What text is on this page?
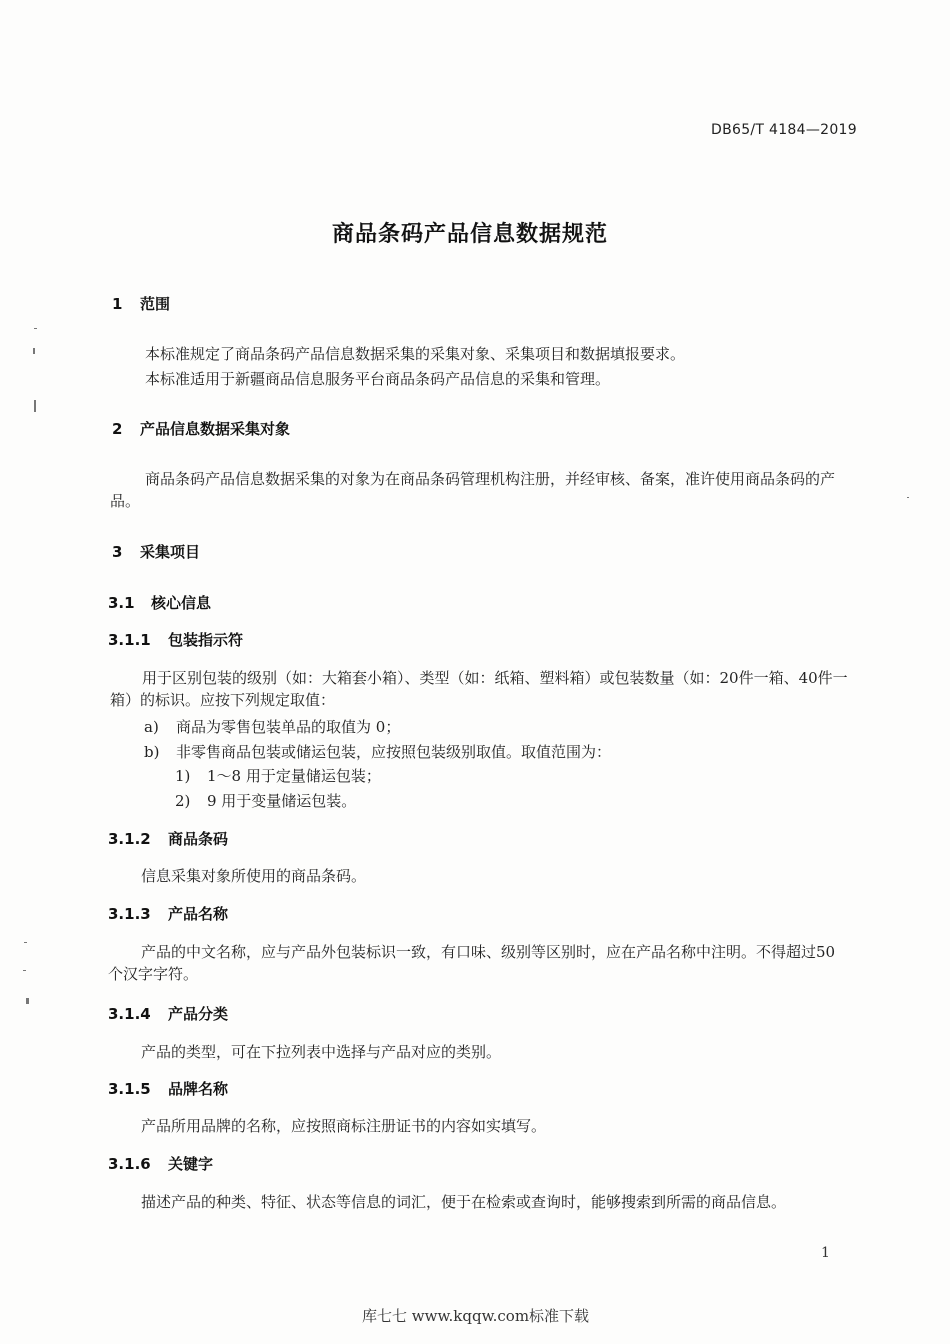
DB65/T 4184—2019
商品条码产品信息数据规范
1 范围
本标准规定了商品条码产品信息数据采集的采集对象、采集项目和数据填报要求。
本标准适用于新疆商品信息服务平台商品条码产品信息的采集和管理。
2 产品信息数据采集对象
商品条码产品信息数据采集的对象为在商品条码管理机构注册，并经审核、备案，准许使用商品条码的产品。
3 采集项目
3.1 核心信息
3.1.1 包装指示符
用于区别包装的级别（如：大箱套小箱）、类型（如：纸箱、塑料箱）或包装数量（如：20件一箱、40件一箱）的标识。应按下列规定取值：
a) 商品为零售包装单品的取值为 0；
b) 非零售商品包装或储运包装，应按照包装级别取值。取值范围为：
1) 1～8 用于定量储运包装；
2) 9 用于变量储运包装。
3.1.2 商品条码
信息采集对象所使用的商品条码。
3.1.3 产品名称
产品的中文名称，应与产品外包装标识一致，有口味、级别等区别时，应在产品名称中注明。不得超过50个汉字字符。
3.1.4 产品分类
产品的类型，可在下拉列表中选择与产品对应的类别。
3.1.5 品牌名称
产品所用品牌的名称，应按照商标注册证书的内容如实填写。
3.1.6 关键字
描述产品的种类、特征、状态等信息的词汇，便于在检索或查询时，能够搜索到所需的商品信息。
1
库七七 www.kqqw.com标准下载
